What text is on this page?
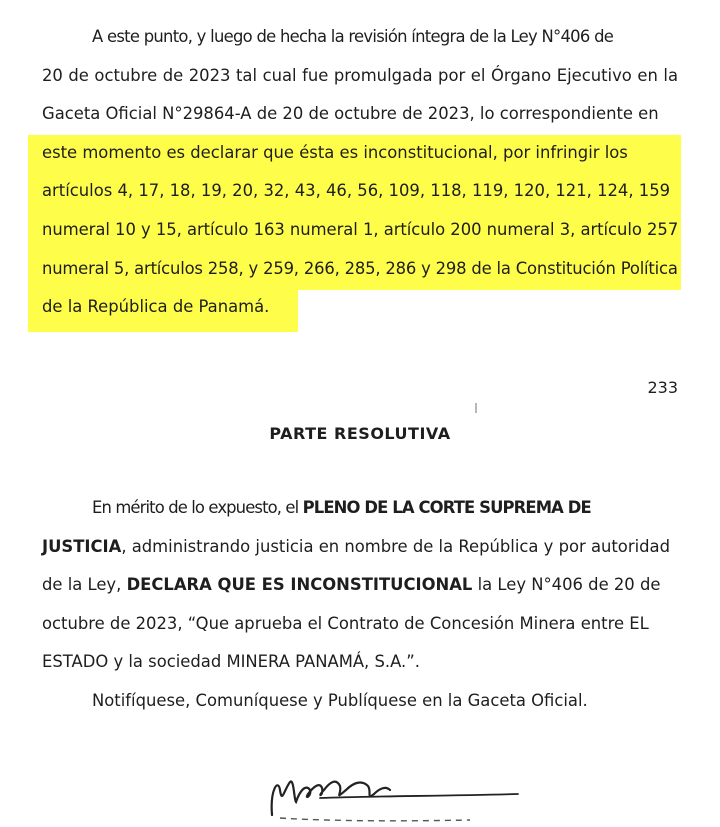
A este punto, y luego de hecha la revisión íntegra de la Ley N°406 de
20 de octubre de 2023 tal cual fue promulgada por el Órgano Ejecutivo en la
Gaceta Oficial N°29864-A de 20 de octubre de 2023, lo correspondiente en
este momento es declarar que ésta es inconstitucional, por infringir los
artículos 4, 17, 18, 19, 20, 32, 43, 46, 56, 109, 118, 119, 120, 121, 124, 159
numeral 10 y 15, artículo 163 numeral 1, artículo 200 numeral 3, artículo 257
numeral 5, artículos 258, y 259, 266, 285, 286 y 298 de la Constitución Política
de la República de Panamá.
233
PARTE RESOLUTIVA
En mérito de lo expuesto, el PLENO DE LA CORTE SUPREMA DE
JUSTICIA, administrando justicia en nombre de la República y por autoridad
de la Ley, DECLARA QUE ES INCONSTITUCIONAL la Ley N°406 de 20 de
octubre de 2023, “Que aprueba el Contrato de Concesión Minera entre EL
ESTADO y la sociedad MINERA PANAMÁ, S.A.”.
Notifíquese, Comuníquese y Publíquese en la Gaceta Oficial.
